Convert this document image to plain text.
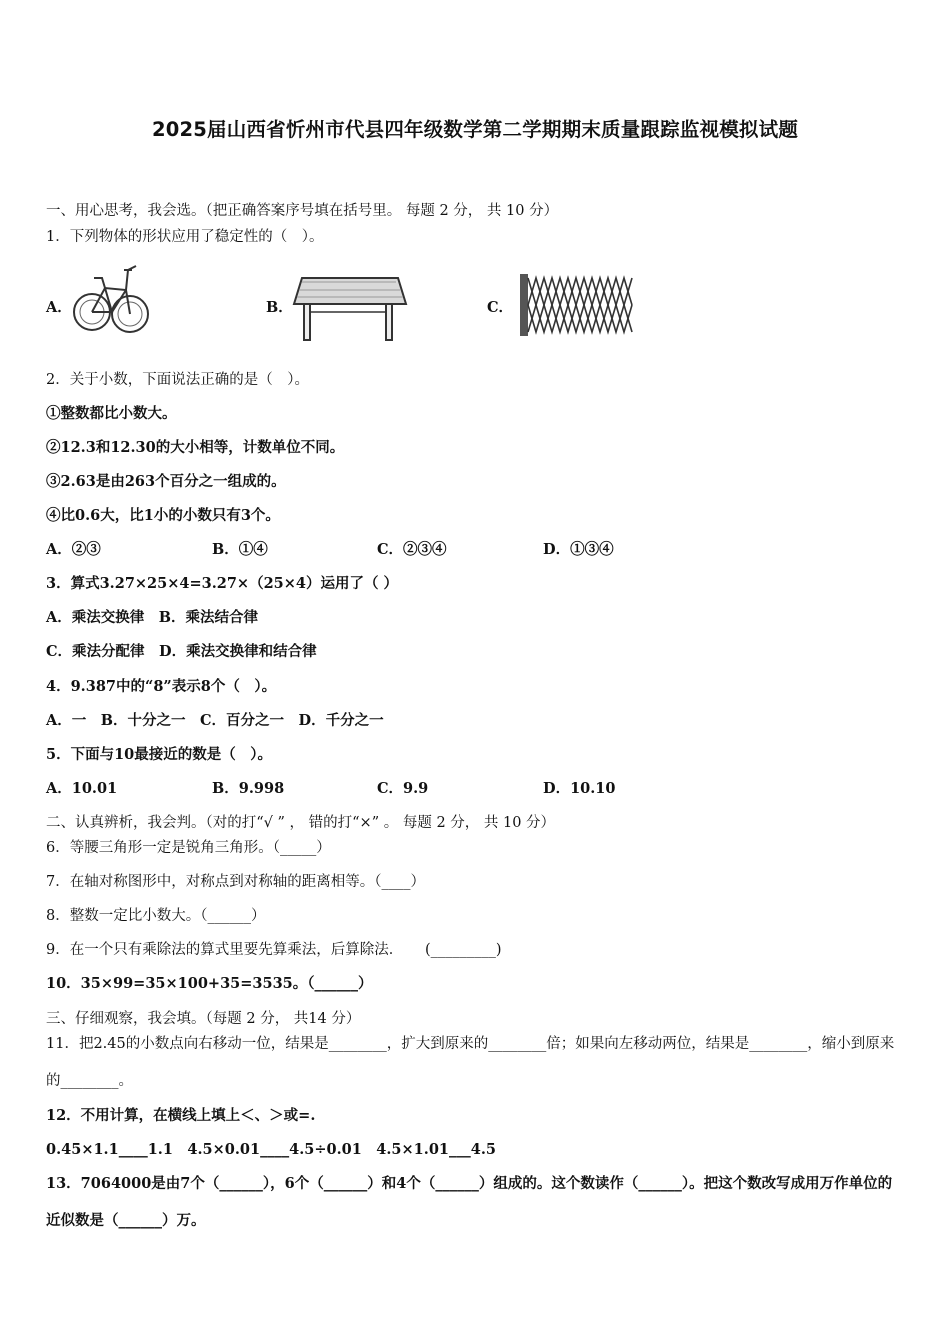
2025届山西省忻州市代县四年级数学第二学期期末质量跟踪监视模拟试题
一、用心思考，我会选。（把正确答案序号填在括号里。 每题 2 分， 共 10 分）
1．下列物体的形状应用了稳定性的（　）。
A．	B．	C．
2．关于小数，下面说法正确的是（　）。
①整数都比小数大。
②12.3和12.30的大小相等，计数单位不同。
③2.63是由263个百分之一组成的。
④比0.6大，比1小的小数只有3个。
A．②③	B．①④	C．②③④	D．①③④
3．算式3.27×25×4=3.27×（25×4）运用了（ ）
A．乘法交换律　B．乘法结合律
C．乘法分配律　D．乘法交换律和结合律
4．9.387中的“8”表示8个（　）。
A．一　B．十分之一　C．百分之一　D．千分之一
5．下面与10最接近的数是（　）。
A．10.01	B．9.998	C．9.9	D．10.10
二、认真辨析，我会判。（对的打“√ ” ， 错的打“×” 。 每题 2 分， 共 10 分）
6．等腰三角形一定是锐角三角形。（_____）
7．在轴对称图形中，对称点到对称轴的距离相等。（____）
8．整数一定比小数大。（______）
9．在一个只有乘除法的算式里要先算乘法，后算除法．　　(_________)
10．35×99=35×100+35=3535。（______）
三、仔细观察，我会填。（每题 2 分， 共14 分）
11．把2.45的小数点向右移动一位，结果是________，扩大到原来的________倍；如果向左移动两位，结果是________，缩小到原来的________。
12．不用计算，在横线上填上＜、＞或=.
0.45×1.1____1.1　4.5×0.01____4.5÷0.01　4.5×1.01___4.5
13．7064000是由7个（______），6个（______）和4个（______）组成的。这个数读作（______）。把这个数改写成用万作单位的近似数是（______）万。
